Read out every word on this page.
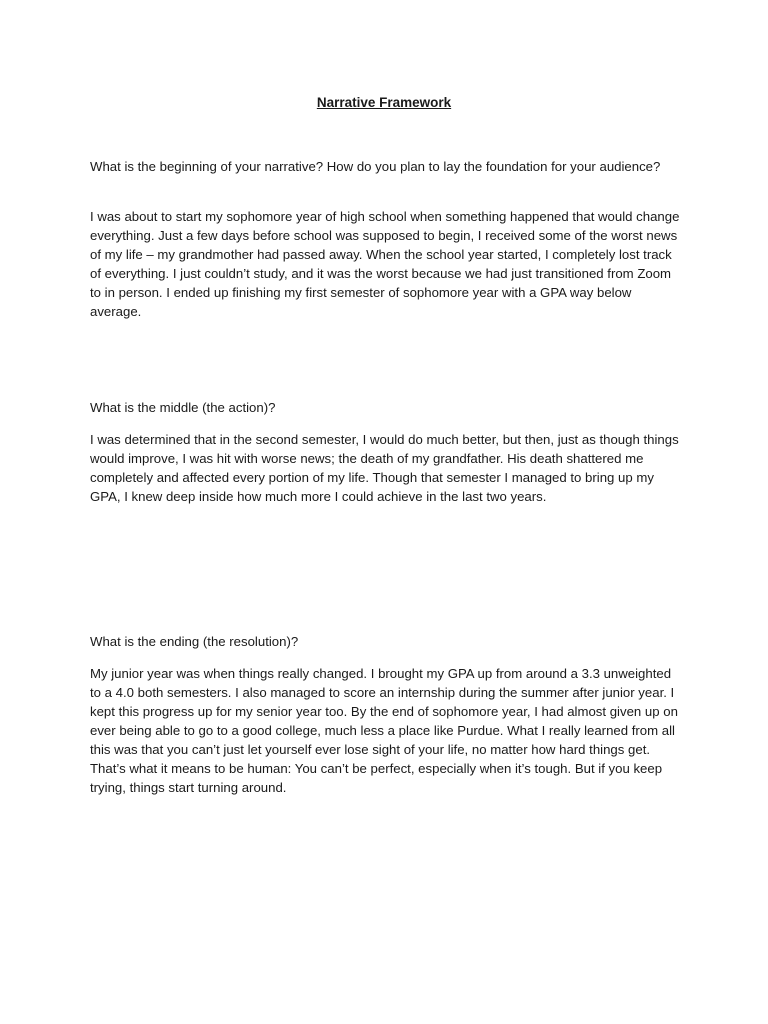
Narrative Framework
What is the beginning of your narrative? How do you plan to lay the foundation for your audience?
I was about to start my sophomore year of high school when something happened that would change everything. Just a few days before school was supposed to begin, I received some of the worst news of my life – my grandmother had passed away. When the school year started, I completely lost track of everything. I just couldn’t study, and it was the worst because we had just transitioned from Zoom to in person. I ended up finishing my first semester of sophomore year with a GPA way below average.
What is the middle (the action)?
I was determined that in the second semester, I would do much better, but then, just as though things would improve, I was hit with worse news; the death of my grandfather. His death shattered me completely and affected every portion of my life. Though that semester I managed to bring up my GPA, I knew deep inside how much more I could achieve in the last two years.
What is the ending (the resolution)?
My junior year was when things really changed. I brought my GPA up from around a 3.3 unweighted to a 4.0 both semesters. I also managed to score an internship during the summer after junior year. I kept this progress up for my senior year too. By the end of sophomore year, I had almost given up on ever being able to go to a good college, much less a place like Purdue. What I really learned from all this was that you can’t just let yourself ever lose sight of your life, no matter how hard things get. That’s what it means to be human: You can’t be perfect, especially when it’s tough. But if you keep trying, things start turning around.
